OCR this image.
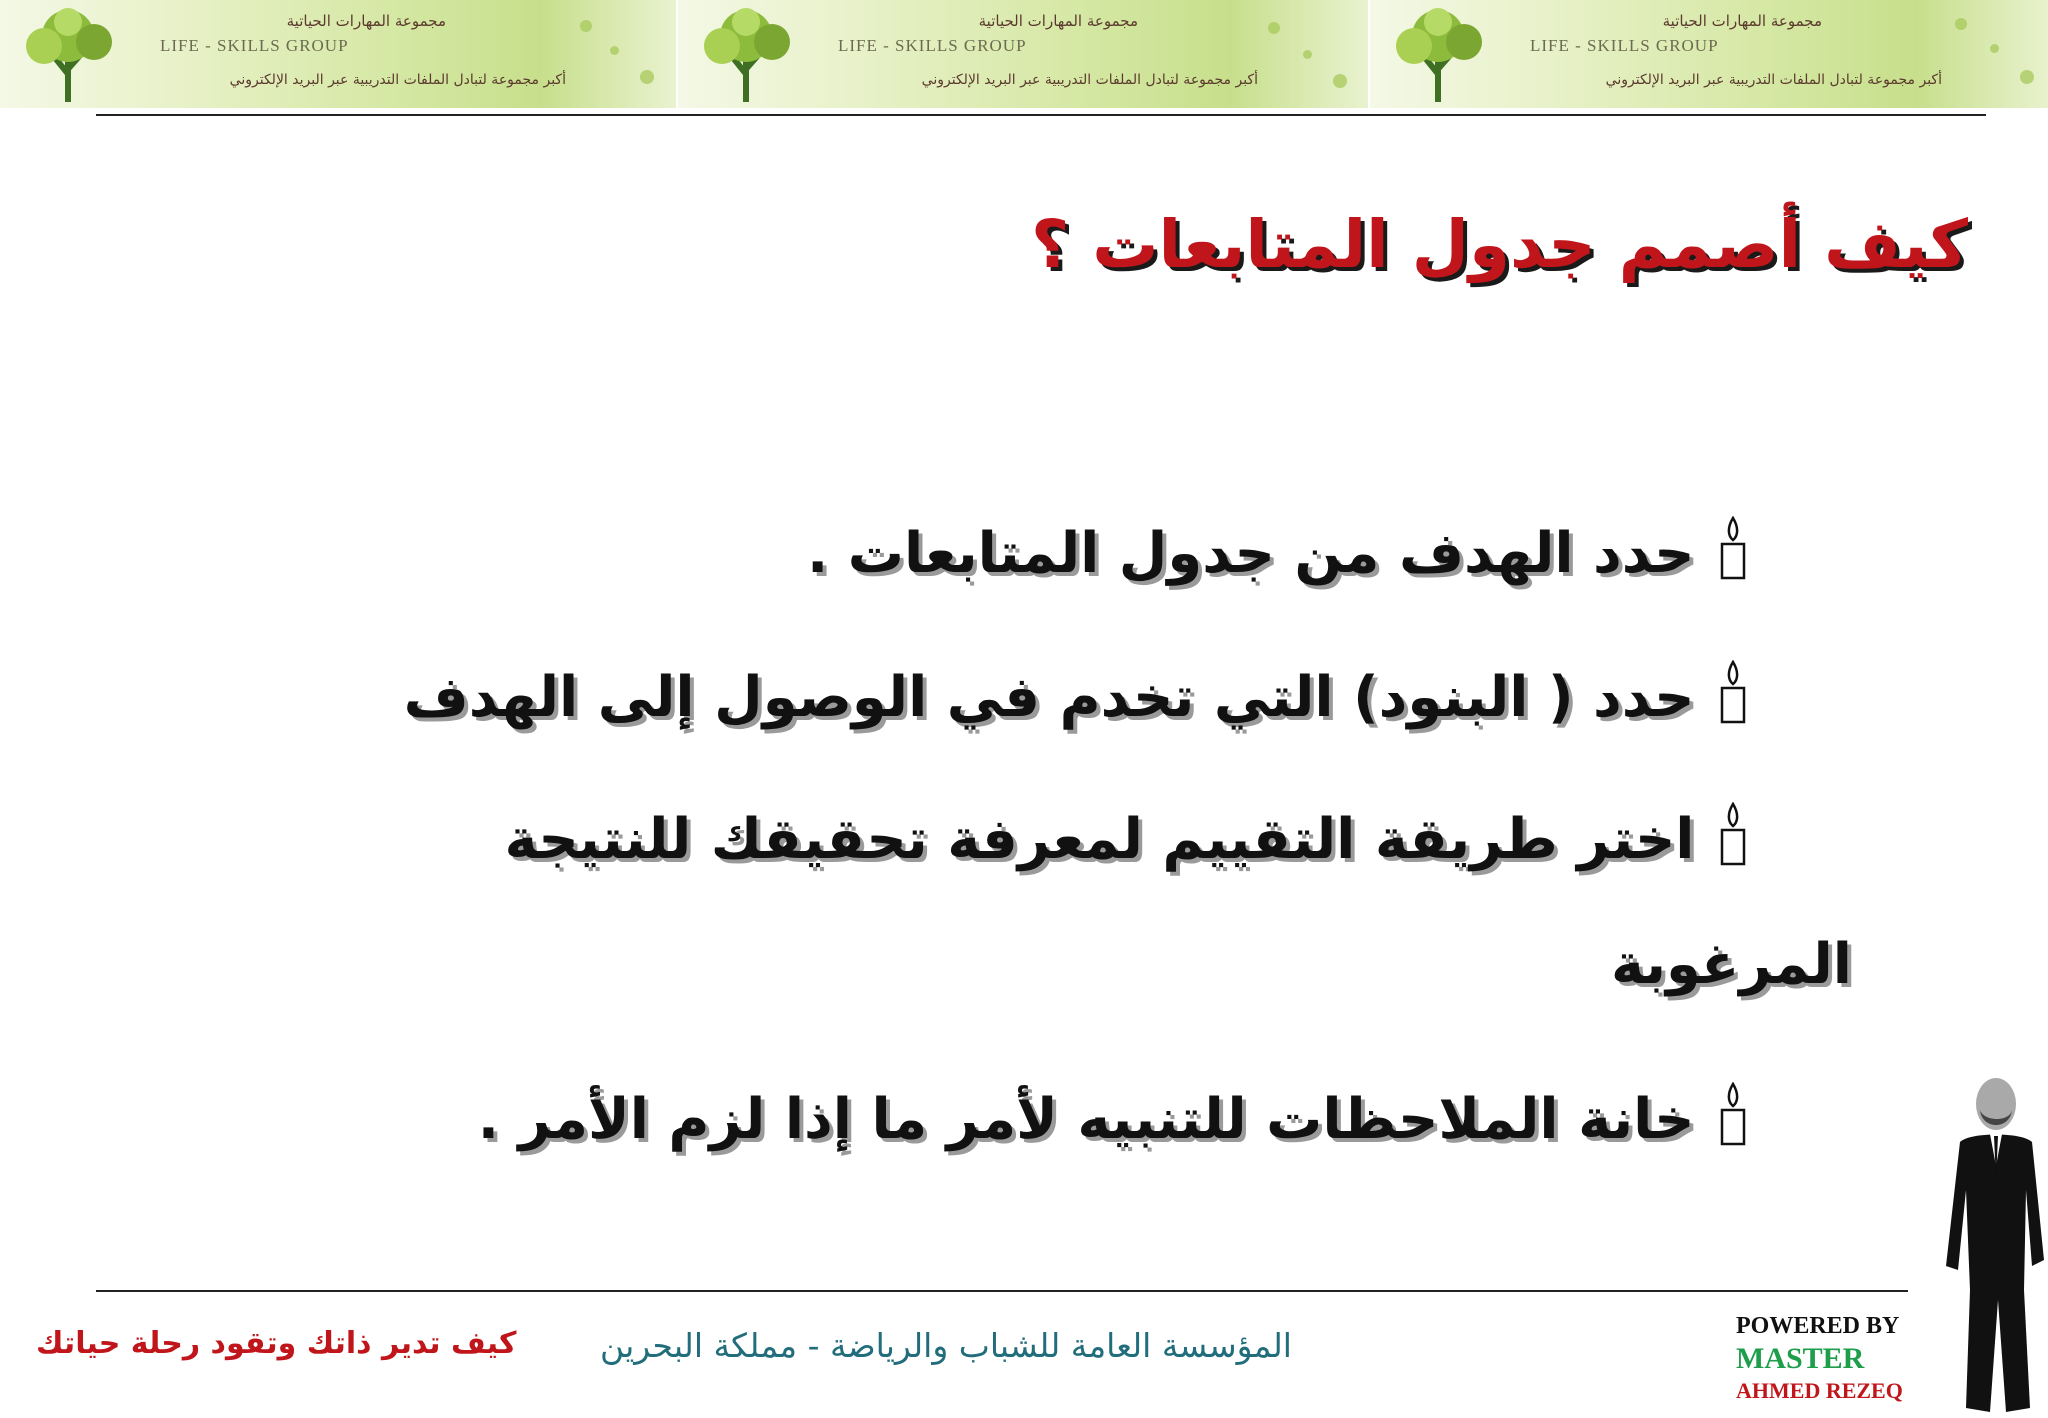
مجموعة المهارات الحياتية
LIFE - SKILLS GROUP
أكبر مجموعة لتبادل الملفات التدريبية عبر البريد الإلكتروني
مجموعة المهارات الحياتية
LIFE - SKILLS GROUP
أكبر مجموعة لتبادل الملفات التدريبية عبر البريد الإلكتروني
مجموعة المهارات الحياتية
LIFE - SKILLS GROUP
أكبر مجموعة لتبادل الملفات التدريبية عبر البريد الإلكتروني
كيف أصمم جدول المتابعات ؟
حدد الهدف من جدول المتابعات .
حدد ( البنود) التي تخدم في الوصول إلى الهدف
اختر طريقة التقييم لمعرفة تحقيقك للنتيجة
المرغوبة
خانة الملاحظات للتنبيه لأمر ما إذا لزم الأمر .
كيف تدير ذاتك وتقود رحلة حياتك	المؤسسة العامة للشباب والرياضة - مملكة البحرين	POWERED BY
MASTER
AHMED REZEQ
